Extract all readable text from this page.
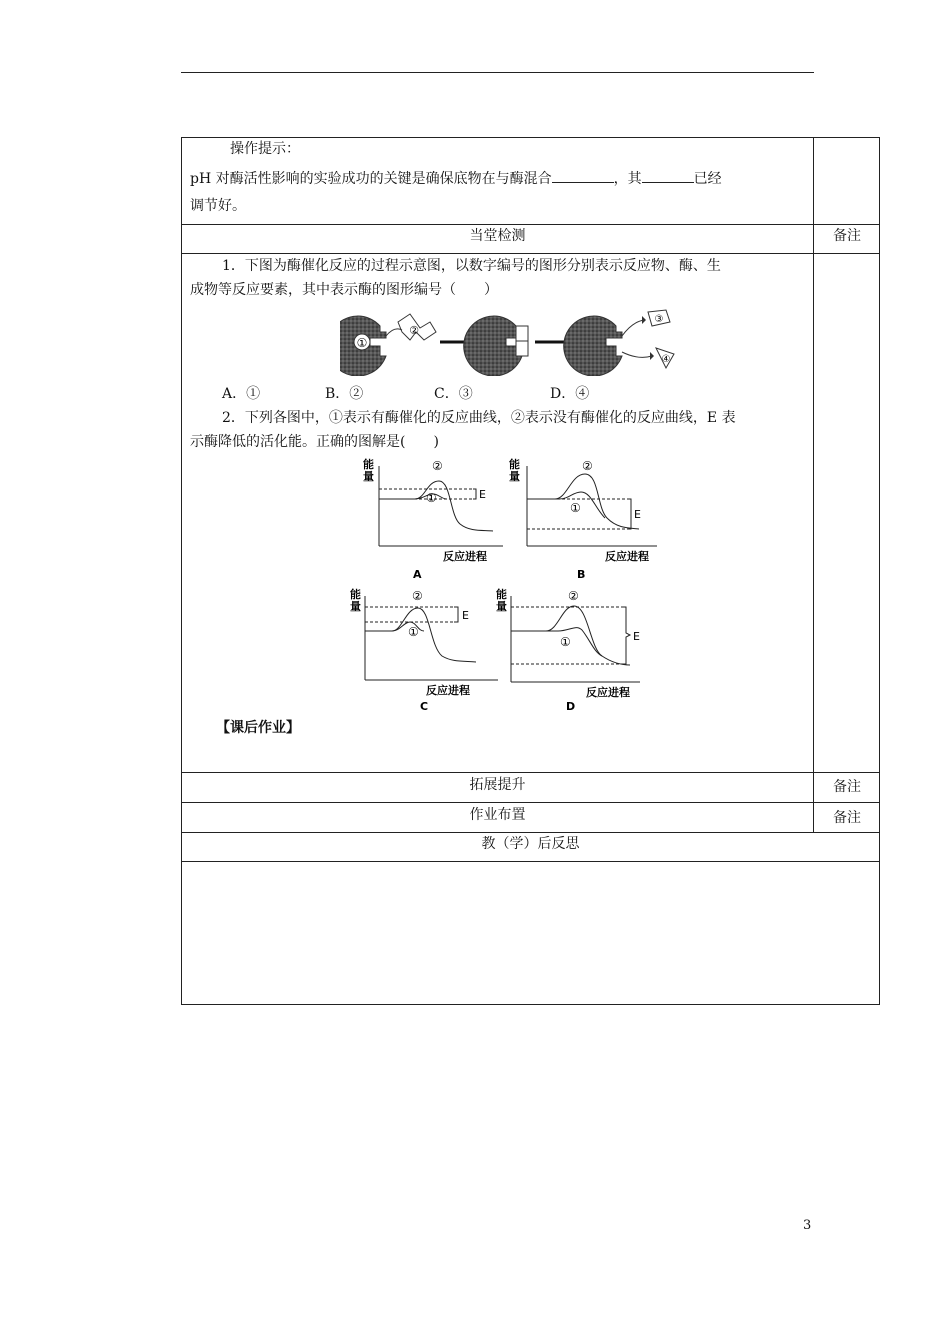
操作提示：
pH 对酶活性影响的实验成功的关键是确保底物在与酶混合	，其	已经
调节好。
当堂检测	备注
1．下图为酶催化反应的过程示意图，以数字编号的图形分别表示反应物、酶、生
成物等反应要素，其中表示酶的图形编号（　　）
①
②
③
④
A．①	B．②	C．③	D．④
2．下列各图中，①表示有酶催化的反应曲线，②表示没有酶催化的反应曲线，E 表
示酶降低的活化能。正确的图解是(　　)
能
量
②
①	E
反应进程
A
能
量
②
①	E
反应进程
B
能
量
②
①
E
反应进程
C
能
量
②
①	E
反应进程
D
【课后作业】
拓展提升	备注
作业布置	备注
教（学）后反思
3
